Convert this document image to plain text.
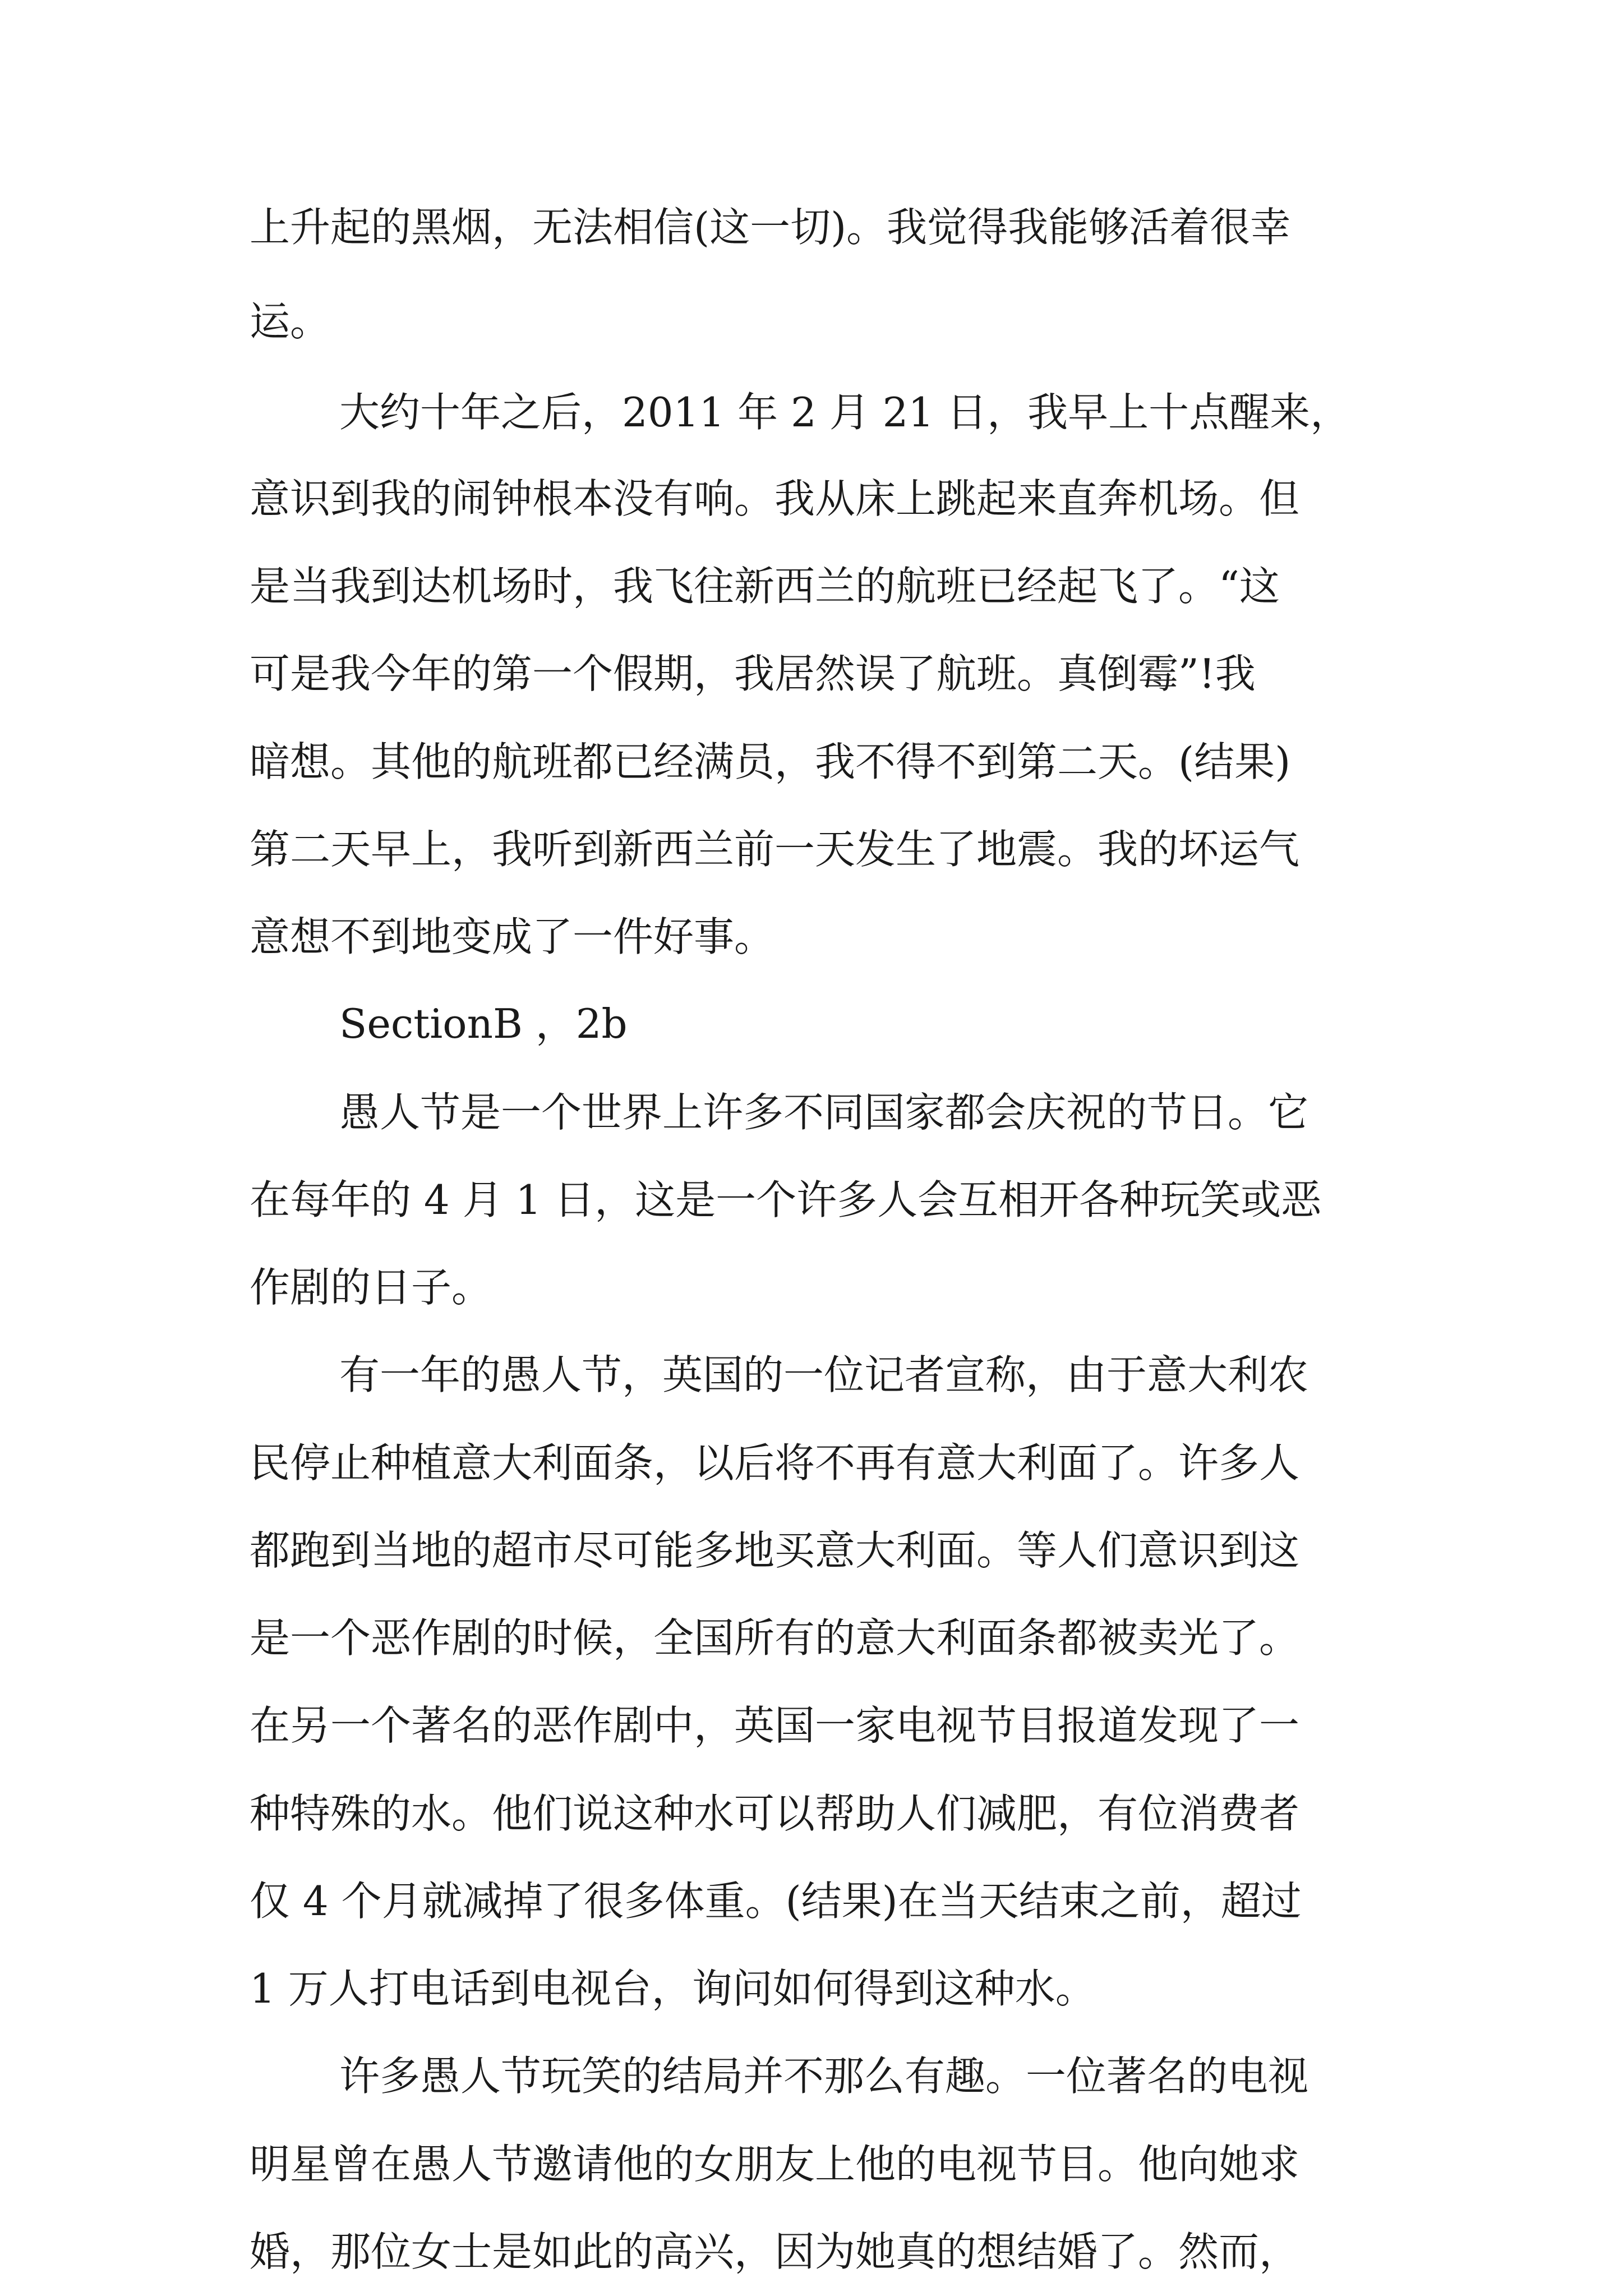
上升起的黑烟，无法相信(这一切)。我觉得我能够活着很幸
运。
大约十年之后，2011 年 2 月 21 日，我早上十点醒来，
意识到我的闹钟根本没有响。我从床上跳起来直奔机场。但
是当我到达机场时，我飞往新西兰的航班已经起飞了。“这
可是我今年的第一个假期，我居然误了航班。真倒霉”!我
暗想。其他的航班都已经满员，我不得不到第二天。(结果)
第二天早上，我听到新西兰前一天发生了地震。我的坏运气
意想不到地变成了一件好事。
SectionB ，2b
愚人节是一个世界上许多不同国家都会庆祝的节日。它
在每年的 4 月 1 日，这是一个许多人会互相开各种玩笑或恶
作剧的日子。
有一年的愚人节，英国的一位记者宣称，由于意大利农
民停止种植意大利面条，以后将不再有意大利面了。许多人
都跑到当地的超市尽可能多地买意大利面。等人们意识到这
是一个恶作剧的时候，全国所有的意大利面条都被卖光了。
在另一个著名的恶作剧中，英国一家电视节目报道发现了一
种特殊的水。他们说这种水可以帮助人们减肥，有位消费者
仅 4 个月就减掉了很多体重。(结果)在当天结束之前，超过
1 万人打电话到电视台，询问如何得到这种水。
许多愚人节玩笑的结局并不那么有趣。一位著名的电视
明星曾在愚人节邀请他的女朋友上他的电视节目。他向她求
婚，那位女士是如此的高兴，因为她真的想结婚了。然而，
